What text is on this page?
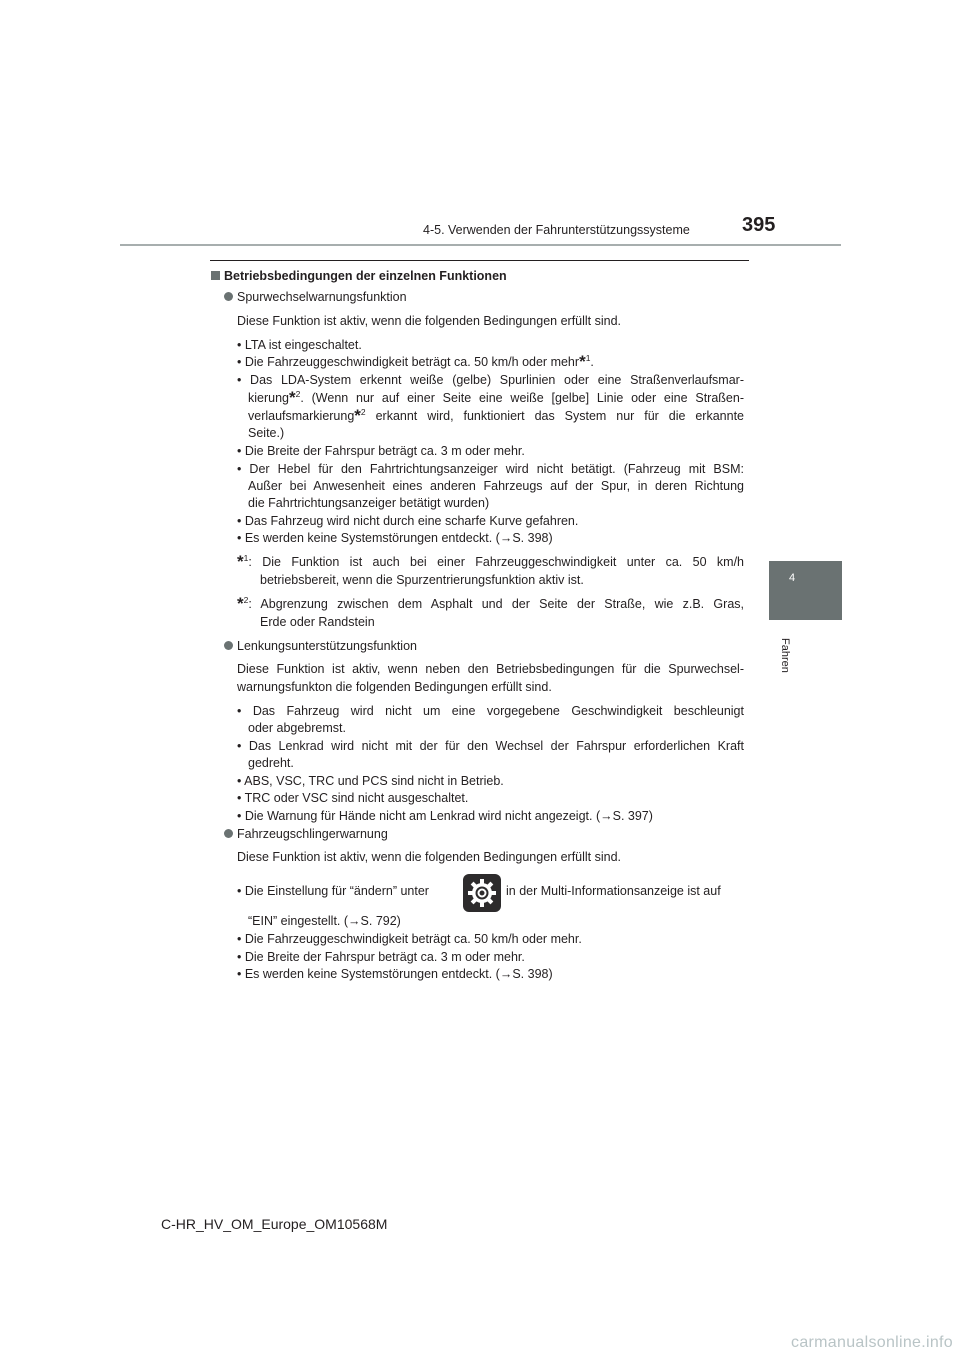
4-5. Verwenden der Fahrunterstützungssysteme	395
4
Fahren
Betriebsbedingungen der einzelnen Funktionen
Spurwechselwarnungsfunktion
Diese Funktion ist aktiv, wenn die folgenden Bedingungen erfüllt sind.
• LTA ist eingeschaltet.
• Die Fahrzeuggeschwindigkeit beträgt ca. 50 km/h oder mehr*$^1$.
• Das LDA-System erkennt weiße (gelbe) Spurlinien oder eine Straßenverlaufsmar-
kierung*$^2$. (Wenn nur auf einer Seite eine weiße [gelbe] Linie oder eine Straßen-
verlaufsmarkierung*$^2$ erkannt wird, funktioniert das System nur für die erkannte
Seite.)
• Die Breite der Fahrspur beträgt ca. 3 m oder mehr.
• Der Hebel für den Fahrtrichtungsanzeiger wird nicht betätigt. (Fahrzeug mit BSM:
Außer bei Anwesenheit eines anderen Fahrzeugs auf der Spur, in deren Richtung
die Fahrtrichtungsanzeiger betätigt wurden)
• Das Fahrzeug wird nicht durch eine scharfe Kurve gefahren.
• Es werden keine Systemstörungen entdeckt. (→S. 398)
*$^1$: Die Funktion ist auch bei einer Fahrzeuggeschwindigkeit unter ca. 50 km/h
betriebsbereit, wenn die Spurzentrierungsfunktion aktiv ist.
*$^2$: Abgrenzung zwischen dem Asphalt und der Seite der Straße, wie z.B. Gras,
Erde oder Randstein
Lenkungsunterstützungsfunktion
Diese Funktion ist aktiv, wenn neben den Betriebsbedingungen für die Spurwechsel-
warnungsfunkton die folgenden Bedingungen erfüllt sind.
• Das Fahrzeug wird nicht um eine vorgegebene Geschwindigkeit beschleunigt
oder abgebremst.
• Das Lenkrad wird nicht mit der für den Wechsel der Fahrspur erforderlichen Kraft
gedreht.
• ABS, VSC, TRC und PCS sind nicht in Betrieb.
• TRC oder VSC sind nicht ausgeschaltet.
• Die Warnung für Hände nicht am Lenkrad wird nicht angezeigt. (→S. 397)
Fahrzeugschlingerwarnung
Diese Funktion ist aktiv, wenn die folgenden Bedingungen erfüllt sind.
• Die Einstellung für “ändern” unter	in der Multi-Informationsanzeige ist auf
“EIN” eingestellt. (→S. 792)
• Die Fahrzeuggeschwindigkeit beträgt ca. 50 km/h oder mehr.
• Die Breite der Fahrspur beträgt ca. 3 m oder mehr.
• Es werden keine Systemstörungen entdeckt. (→S. 398)
C-HR_HV_OM_Europe_OM10568M
carmanualsonline.info
